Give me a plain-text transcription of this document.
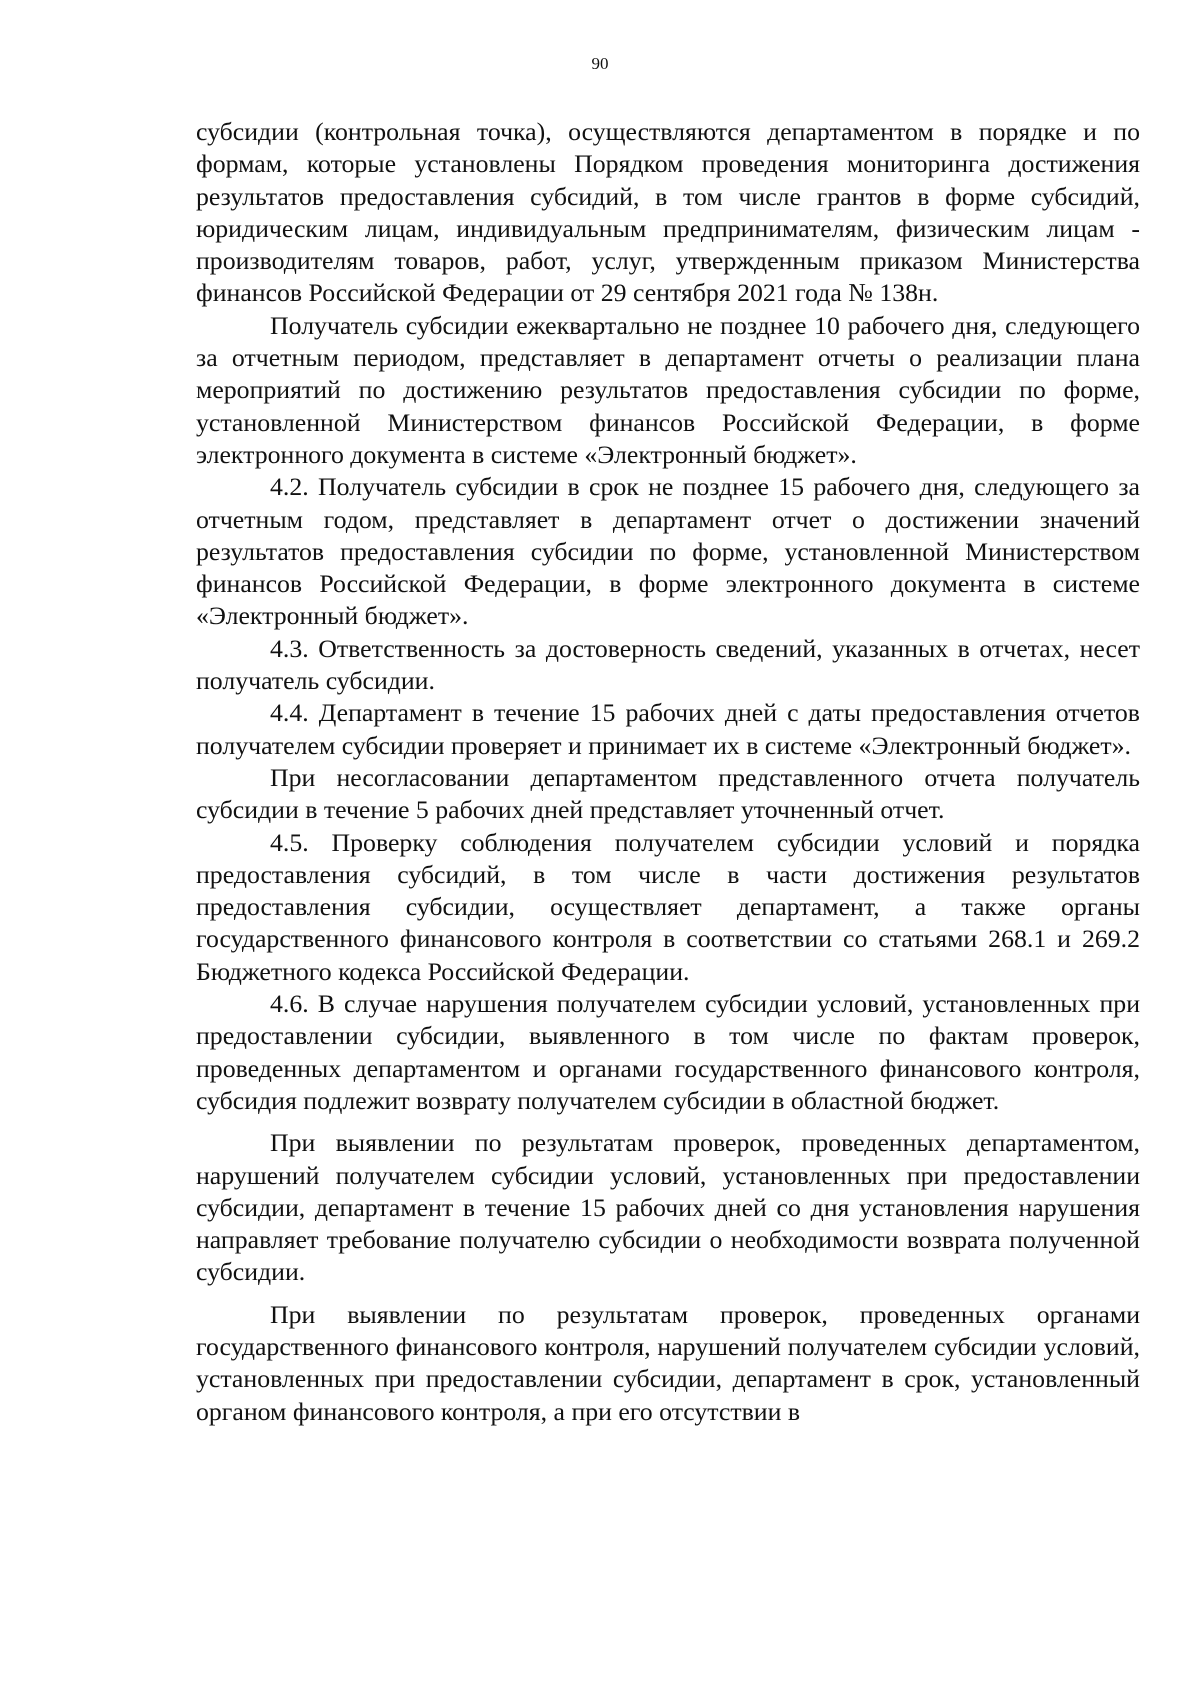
90

субсидии (контрольная точка), осуществляются департаментом в порядке и по формам, которые установлены Порядком проведения мониторинга достижения результатов предоставления субсидий, в том числе грантов в форме субсидий, юридическим лицам, индивидуальным предпринимателям, физическим лицам - производителям товаров, работ, услуг, утвержденным приказом Министерства финансов Российской Федерации от 29 сентября 2021 года № 138н.

Получатель субсидии ежеквартально не позднее 10 рабочего дня, следующего за отчетным периодом, представляет в департамент отчеты о реализации плана мероприятий по достижению результатов предоставления субсидии по форме, установленной Министерством финансов Российской Федерации, в форме электронного документа в системе «Электронный бюджет».

4.2. Получатель субсидии в срок не позднее 15 рабочего дня, следующего за отчетным годом, представляет в департамент отчет о достижении значений результатов предоставления субсидии по форме, установленной Министерством финансов Российской Федерации, в форме электронного документа в системе «Электронный бюджет».

4.3. Ответственность за достоверность сведений, указанных в отчетах, несет получатель субсидии.

4.4. Департамент в течение 15 рабочих дней с даты предоставления отчетов получателем субсидии проверяет и принимает их в системе «Электронный бюджет».

При несогласовании департаментом представленного отчета получатель субсидии в течение 5 рабочих дней представляет уточненный отчет.

4.5. Проверку соблюдения получателем субсидии условий и порядка предоставления субсидий, в том числе в части достижения результатов предоставления субсидии, осуществляет департамент, а также органы государственного финансового контроля в соответствии со статьями 268.1 и 269.2 Бюджетного кодекса Российской Федерации.

4.6. В случае нарушения получателем субсидии условий, установленных при предоставлении субсидии, выявленного в том числе по фактам проверок, проведенных департаментом и органами государственного финансового контроля, субсидия подлежит возврату получателем субсидии в областной бюджет.

При выявлении по результатам проверок, проведенных департаментом, нарушений получателем субсидии условий, установленных при предоставлении субсидии, департамент в течение 15 рабочих дней со дня установления нарушения направляет требование получателю субсидии о необходимости возврата полученной субсидии.

При выявлении по результатам проверок, проведенных органами государственного финансового контроля, нарушений получателем субсидии условий, установленных при предоставлении субсидии, департамент в срок, установленный органом финансового контроля, а при его отсутствии в
